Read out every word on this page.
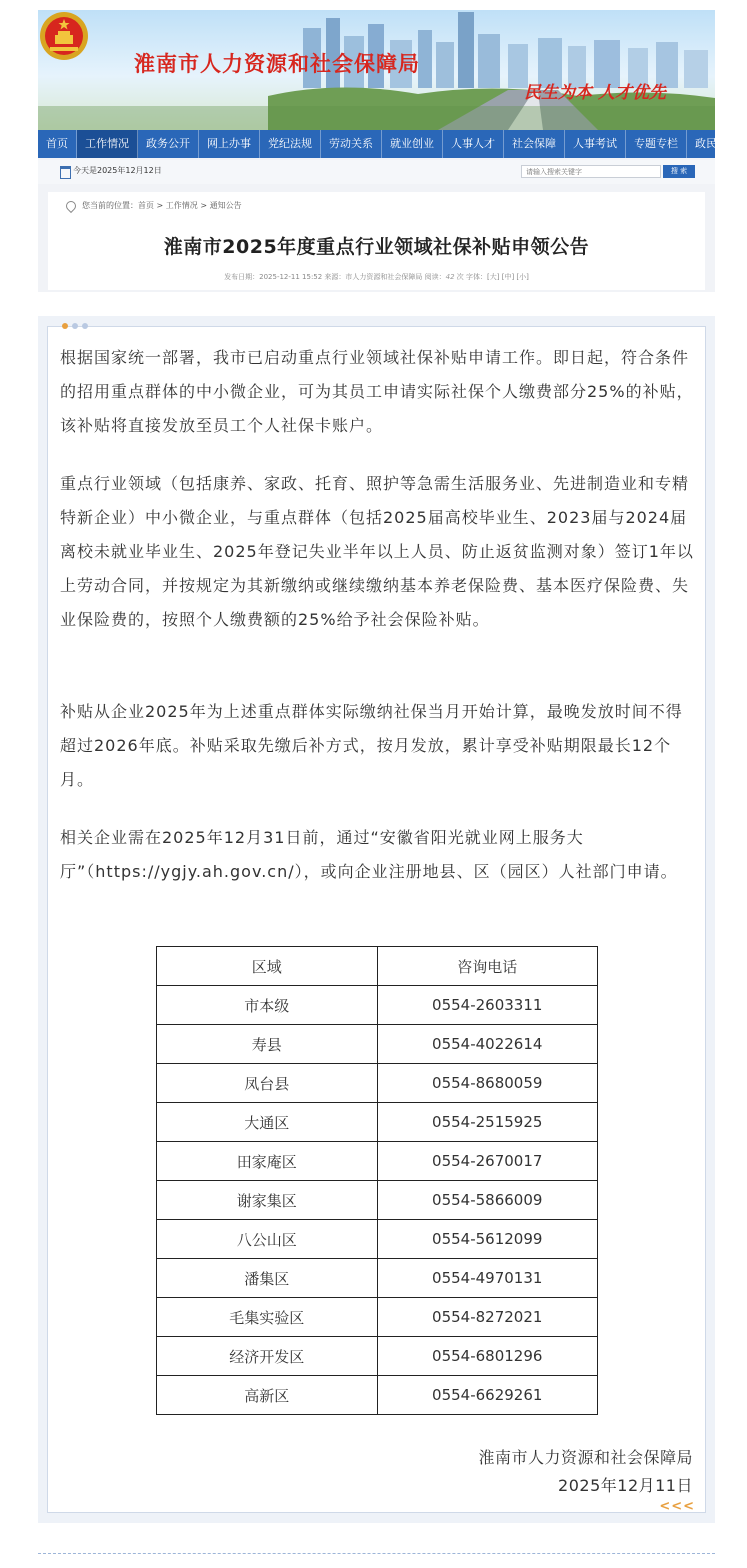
淮南市人力资源和社会保障局
民生为本 人才优先
首页	工作情况	政务公开	网上办事	党纪法规	劳动关系	就业创业	人事人才	社会保障	人事考试	专题专栏	政民互动
今天是2025年12月12日
请输入搜索关键字	搜 索
您当前的位置：首页 > 工作情况 > 通知公告
淮南市2025年度重点行业领域社保补贴申领公告
发布日期：2025-12-11 15:52 来源：市人力资源和社会保障局 阅读：42 次 字体：[大] [中] [小]

根据国家统一部署，我市已启动重点行业领域社保补贴申请工作。即日起，符合条件的招用重点群体的中小微企业，可为其员工申请实际社保个人缴费部分25%的补贴，该补贴将直接发放至员工个人社保卡账户。

重点行业领域（包括康养、家政、托育、照护等急需生活服务业、先进制造业和专精特新企业）中小微企业，与重点群体（包括2025届高校毕业生、2023届与2024届离校未就业毕业生、2025年登记失业半年以上人员、防止返贫监测对象）签订1年以上劳动合同，并按规定为其新缴纳或继续缴纳基本养老保险费、基本医疗保险费、失业保险费的，按照个人缴费额的25%给予社会保险补贴。

补贴从企业2025年为上述重点群体实际缴纳社保当月开始计算，最晚发放时间不得超过2026年底。补贴采取先缴后补方式，按月发放，累计享受补贴期限最长12个月。

相关企业需在2025年12月31日前，通过“安徽省阳光就业网上服务大厅”（https://ygjy.ah.gov.cn/），或向企业注册地县、区（园区）人社部门申请。

区域	咨询电话
市本级	0554-2603311
寿县	0554-4022614
凤台县	0554-8680059
大通区	0554-2515925
田家庵区	0554-2670017
谢家集区	0554-5866009
八公山区	0554-5612099
潘集区	0554-4970131
毛集实验区	0554-8272021
经济开发区	0554-6801296
高新区	0554-6629261
淮南市人力资源和社会保障局
2025年12月11日
<<<
